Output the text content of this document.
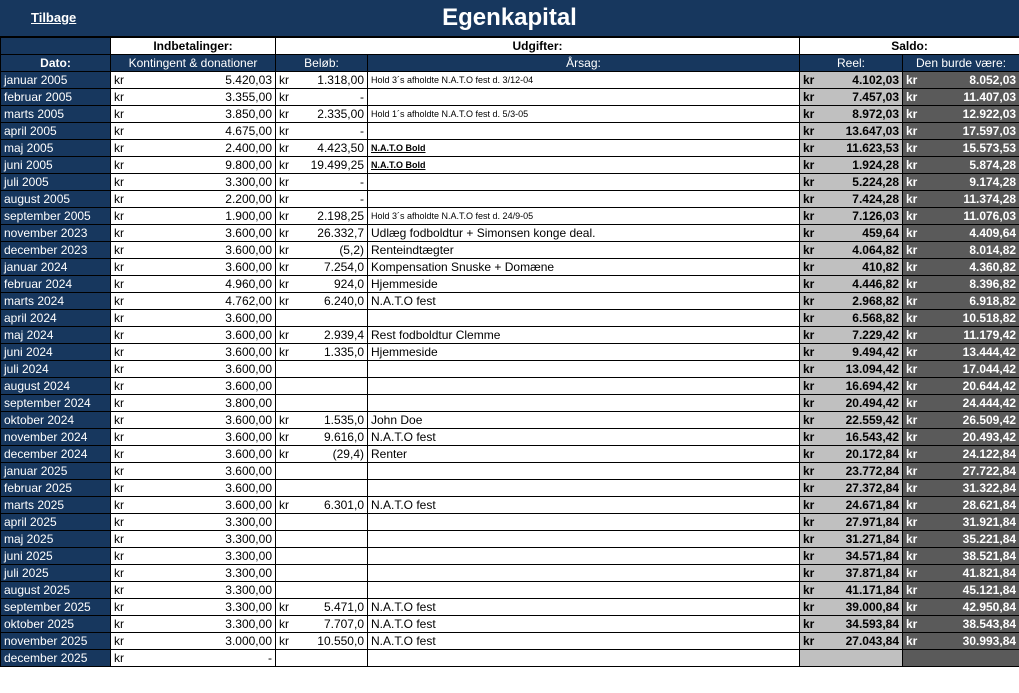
Tilbage	Egenkapital
	Indbetalinger:		Udgifter:			Saldo:			
Dato:	Kontingent & donationer		Beløb:		Årsag:	Reel:		Den burde være:	
januar 2005	kr	5.420,03	kr	1.318,00	Hold 3´s afholdte N.A.T.O fest d. 3/12-04	kr	4.102,03	kr	8.052,03
februar 2005	kr	3.355,00	kr	-		kr	7.457,03	kr	11.407,03
marts 2005	kr	3.850,00	kr	2.335,00	Hold 1´s afholdte N.A.T.O fest d. 5/3-05	kr	8.972,03	kr	12.922,03
april 2005	kr	4.675,00	kr	-		kr	13.647,03	kr	17.597,03
maj 2005	kr	2.400,00	kr	4.423,50	N.A.T.O Bold	kr	11.623,53	kr	15.573,53
juni 2005	kr	9.800,00	kr	19.499,25	N.A.T.O Bold	kr	1.924,28	kr	5.874,28
juli 2005	kr	3.300,00	kr	-		kr	5.224,28	kr	9.174,28
august 2005	kr	2.200,00	kr	-		kr	7.424,28	kr	11.374,28
september 2005	kr	1.900,00	kr	2.198,25	Hold 3´s afholdte N.A.T.O fest d. 24/9-05	kr	7.126,03	kr	11.076,03
november 2023	kr	3.600,00	kr	26.332,7	Udlæg fodboldtur + Simonsen konge deal.	kr	459,64	kr	4.409,64
december 2023	kr	3.600,00	kr	(5,2)	Renteindtægter	kr	4.064,82	kr	8.014,82
januar 2024	kr	3.600,00	kr	7.254,0	Kompensation Snuske + Domæne	kr	410,82	kr	4.360,82
februar 2024	kr	4.960,00	kr	924,0	Hjemmeside	kr	4.446,82	kr	8.396,82
marts 2024	kr	4.762,00	kr	6.240,0	N.A.T.O fest	kr	2.968,82	kr	6.918,82
april 2024	kr	3.600,00				kr	6.568,82	kr	10.518,82
maj 2024	kr	3.600,00	kr	2.939,4	Rest fodboldtur Clemme	kr	7.229,42	kr	11.179,42
juni 2024	kr	3.600,00	kr	1.335,0	Hjemmeside	kr	9.494,42	kr	13.444,42
juli 2024	kr	3.600,00				kr	13.094,42	kr	17.044,42
august 2024	kr	3.600,00				kr	16.694,42	kr	20.644,42
september 2024	kr	3.800,00				kr	20.494,42	kr	24.444,42
oktober 2024	kr	3.600,00	kr	1.535,0	John Doe	kr	22.559,42	kr	26.509,42
november 2024	kr	3.600,00	kr	9.616,0	N.A.T.O fest	kr	16.543,42	kr	20.493,42
december 2024	kr	3.600,00	kr	(29,4)	Renter	kr	20.172,84	kr	24.122,84
januar 2025	kr	3.600,00				kr	23.772,84	kr	27.722,84
februar 2025	kr	3.600,00				kr	27.372,84	kr	31.322,84
marts 2025	kr	3.600,00	kr	6.301,0	N.A.T.O fest	kr	24.671,84	kr	28.621,84
april 2025	kr	3.300,00				kr	27.971,84	kr	31.921,84
maj 2025	kr	3.300,00				kr	31.271,84	kr	35.221,84
juni 2025	kr	3.300,00				kr	34.571,84	kr	38.521,84
juli 2025	kr	3.300,00				kr	37.871,84	kr	41.821,84
august 2025	kr	3.300,00				kr	41.171,84	kr	45.121,84
september 2025	kr	3.300,00	kr	5.471,0	N.A.T.O fest	kr	39.000,84	kr	42.950,84
oktober 2025	kr	3.300,00	kr	7.707,0	N.A.T.O fest	kr	34.593,84	kr	38.543,84
november 2025	kr	3.000,00	kr	10.550,0	N.A.T.O fest	kr	27.043,84	kr	30.993,84
december 2025	kr	-							
